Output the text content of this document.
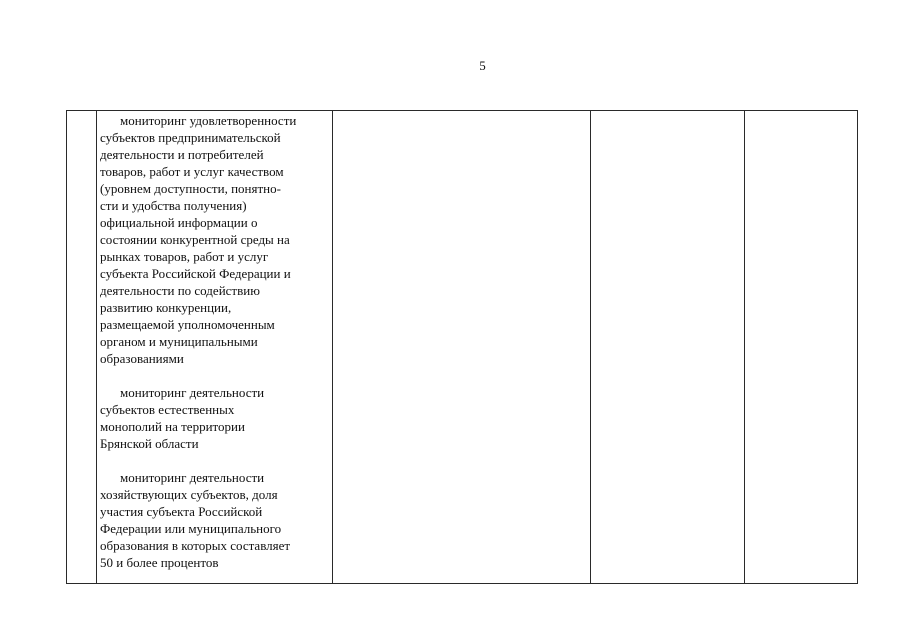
5

мониторинг удовлетворенности
субъектов предпринимательской
деятельности и потребителей
товаров, работ и услуг качеством
(уровнем доступности, понятно-
сти и удобства получения)
официальной информации о
состоянии конкурентной среды на
рынках товаров, работ и услуг
субъекта Российской Федерации и
деятельности по содействию
развитию конкуренции,
размещаемой уполномоченным
органом и муниципальными
образованиями

мониторинг деятельности
субъектов естественных
монополий на территории
Брянской области

мониторинг деятельности
хозяйствующих субъектов, доля
участия субъекта Российской
Федерации или муниципального
образования в которых составляет
50 и более процентов
